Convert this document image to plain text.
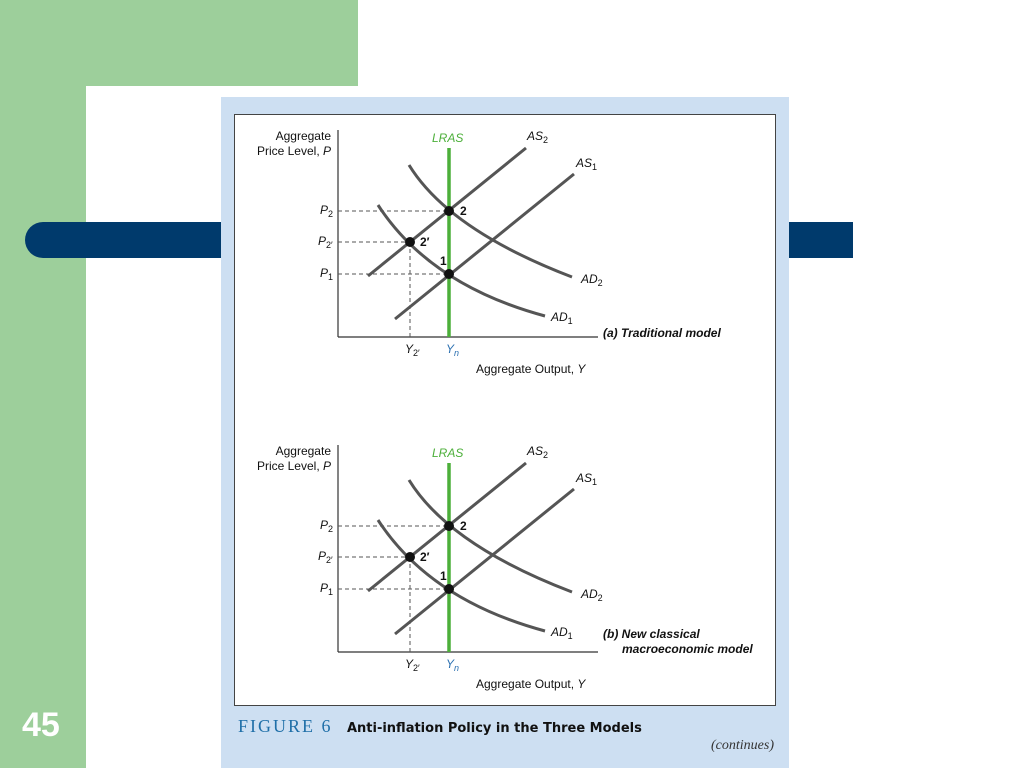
45
Aggregate
Price Level, P
Aggregate Output, Y
LRAS	$AS_2$
$AS_1$
$AD_2$
$AD_1$
$P_2$
$P_{2'}$
$P_1$
$Y_{2'}$ $Y_n$
2
2′
1
(a) Traditional model
Aggregate
Price Level, P
Aggregate Output, Y
LRAS	$AS_2$
$AS_1$
$AD_2$
$AD_1$
$P_2$
$P_{2'}$
$P_1$
$Y_{2'}$ $Y_n$
2
2′
1
(b) New classical
macroeconomic model
FIGURE 6 Anti-inflation Policy in the Three Models
(continues)
